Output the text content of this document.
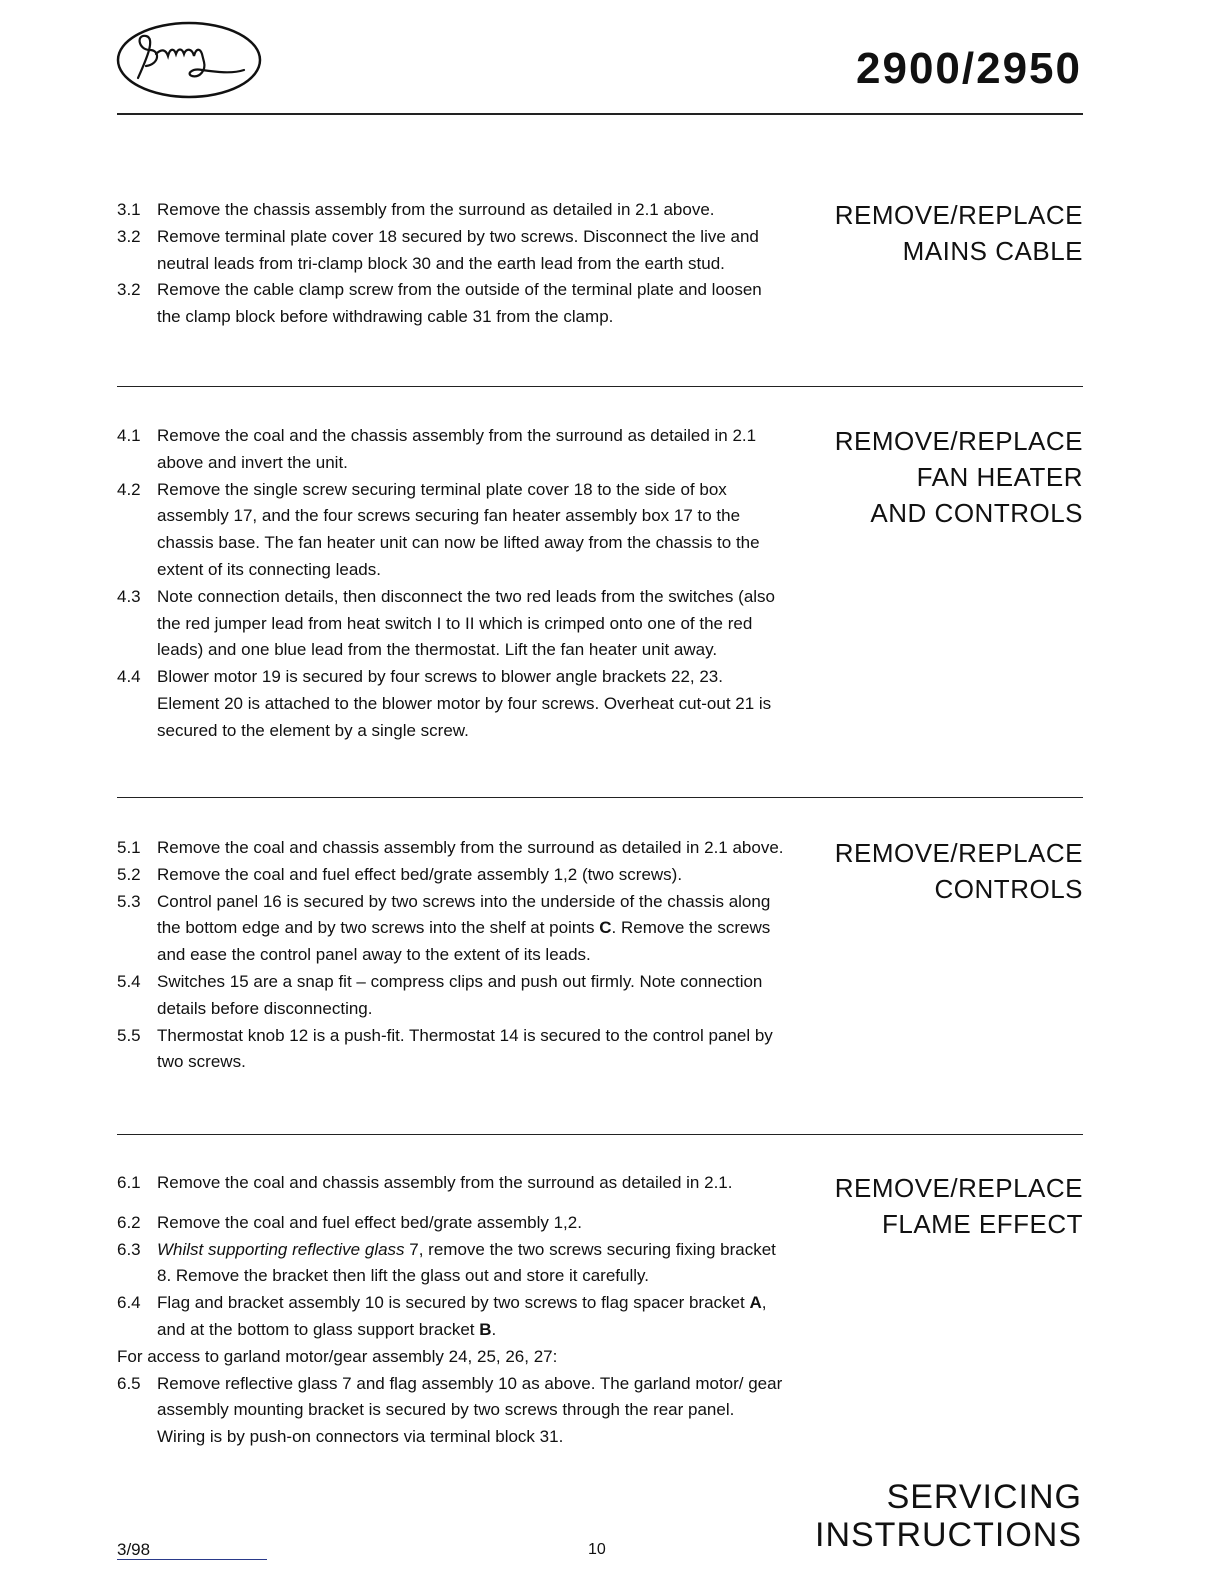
2900/2950
3.1 Remove the chassis assembly from the surround as detailed in 2.1 above.
3.2 Remove terminal plate cover 18 secured by two screws. Disconnect the live and neutral leads from tri-clamp block 30 and the earth lead from the earth stud.
3.2 Remove the cable clamp screw from the outside of the terminal plate and loosen the clamp block before withdrawing cable 31 from the clamp.
REMOVE/REPLACE
MAINS CABLE
4.1 Remove the coal and the chassis assembly from the surround as detailed in 2.1 above and invert the unit.
4.2 Remove the single screw securing terminal plate cover 18 to the side of box assembly 17, and the four screws securing fan heater assembly box 17 to the chassis base. The fan heater unit can now be lifted away from the chassis to the extent of its connecting leads.
4.3 Note connection details, then disconnect the two red leads from the switches (also the red jumper lead from heat switch I to II which is crimped onto one of the red leads) and one blue lead from the thermostat. Lift the fan heater unit away.
4.4 Blower motor 19 is secured by four screws to blower angle brackets 22, 23. Element 20 is attached to the blower motor by four screws. Overheat cut-out 21 is secured to the element by a single screw.
REMOVE/REPLACE
FAN HEATER
AND CONTROLS
5.1 Remove the coal and chassis assembly from the surround as detailed in 2.1 above.
5.2 Remove the coal and fuel effect bed/grate assembly 1,2 (two screws).
5.3 Control panel 16 is secured by two screws into the underside of the chassis along the bottom edge and by two screws into the shelf at points C. Remove the screws and ease the control panel away to the extent of its leads.
5.4 Switches 15 are a snap fit – compress clips and push out firmly. Note connection details before disconnecting.
5.5 Thermostat knob 12 is a push-fit. Thermostat 14 is secured to the control panel by two screws.
REMOVE/REPLACE
CONTROLS
6.1 Remove the coal and chassis assembly from the surround as detailed in 2.1.
6.2 Remove the coal and fuel effect bed/grate assembly 1,2.
6.3 Whilst supporting reflective glass 7, remove the two screws securing fixing bracket 8. Remove the bracket then lift the glass out and store it carefully.
6.4 Flag and bracket assembly 10 is secured by two screws to flag spacer bracket A, and at the bottom to glass support bracket B.
For access to garland motor/gear assembly 24, 25, 26, 27:
6.5 Remove reflective glass 7 and flag assembly 10 as above. The garland motor/ gear assembly mounting bracket is secured by two screws through the rear panel. Wiring is by push-on connectors via terminal block 31.
REMOVE/REPLACE
FLAME EFFECT
SERVICING
INSTRUCTIONS
3/98	10
